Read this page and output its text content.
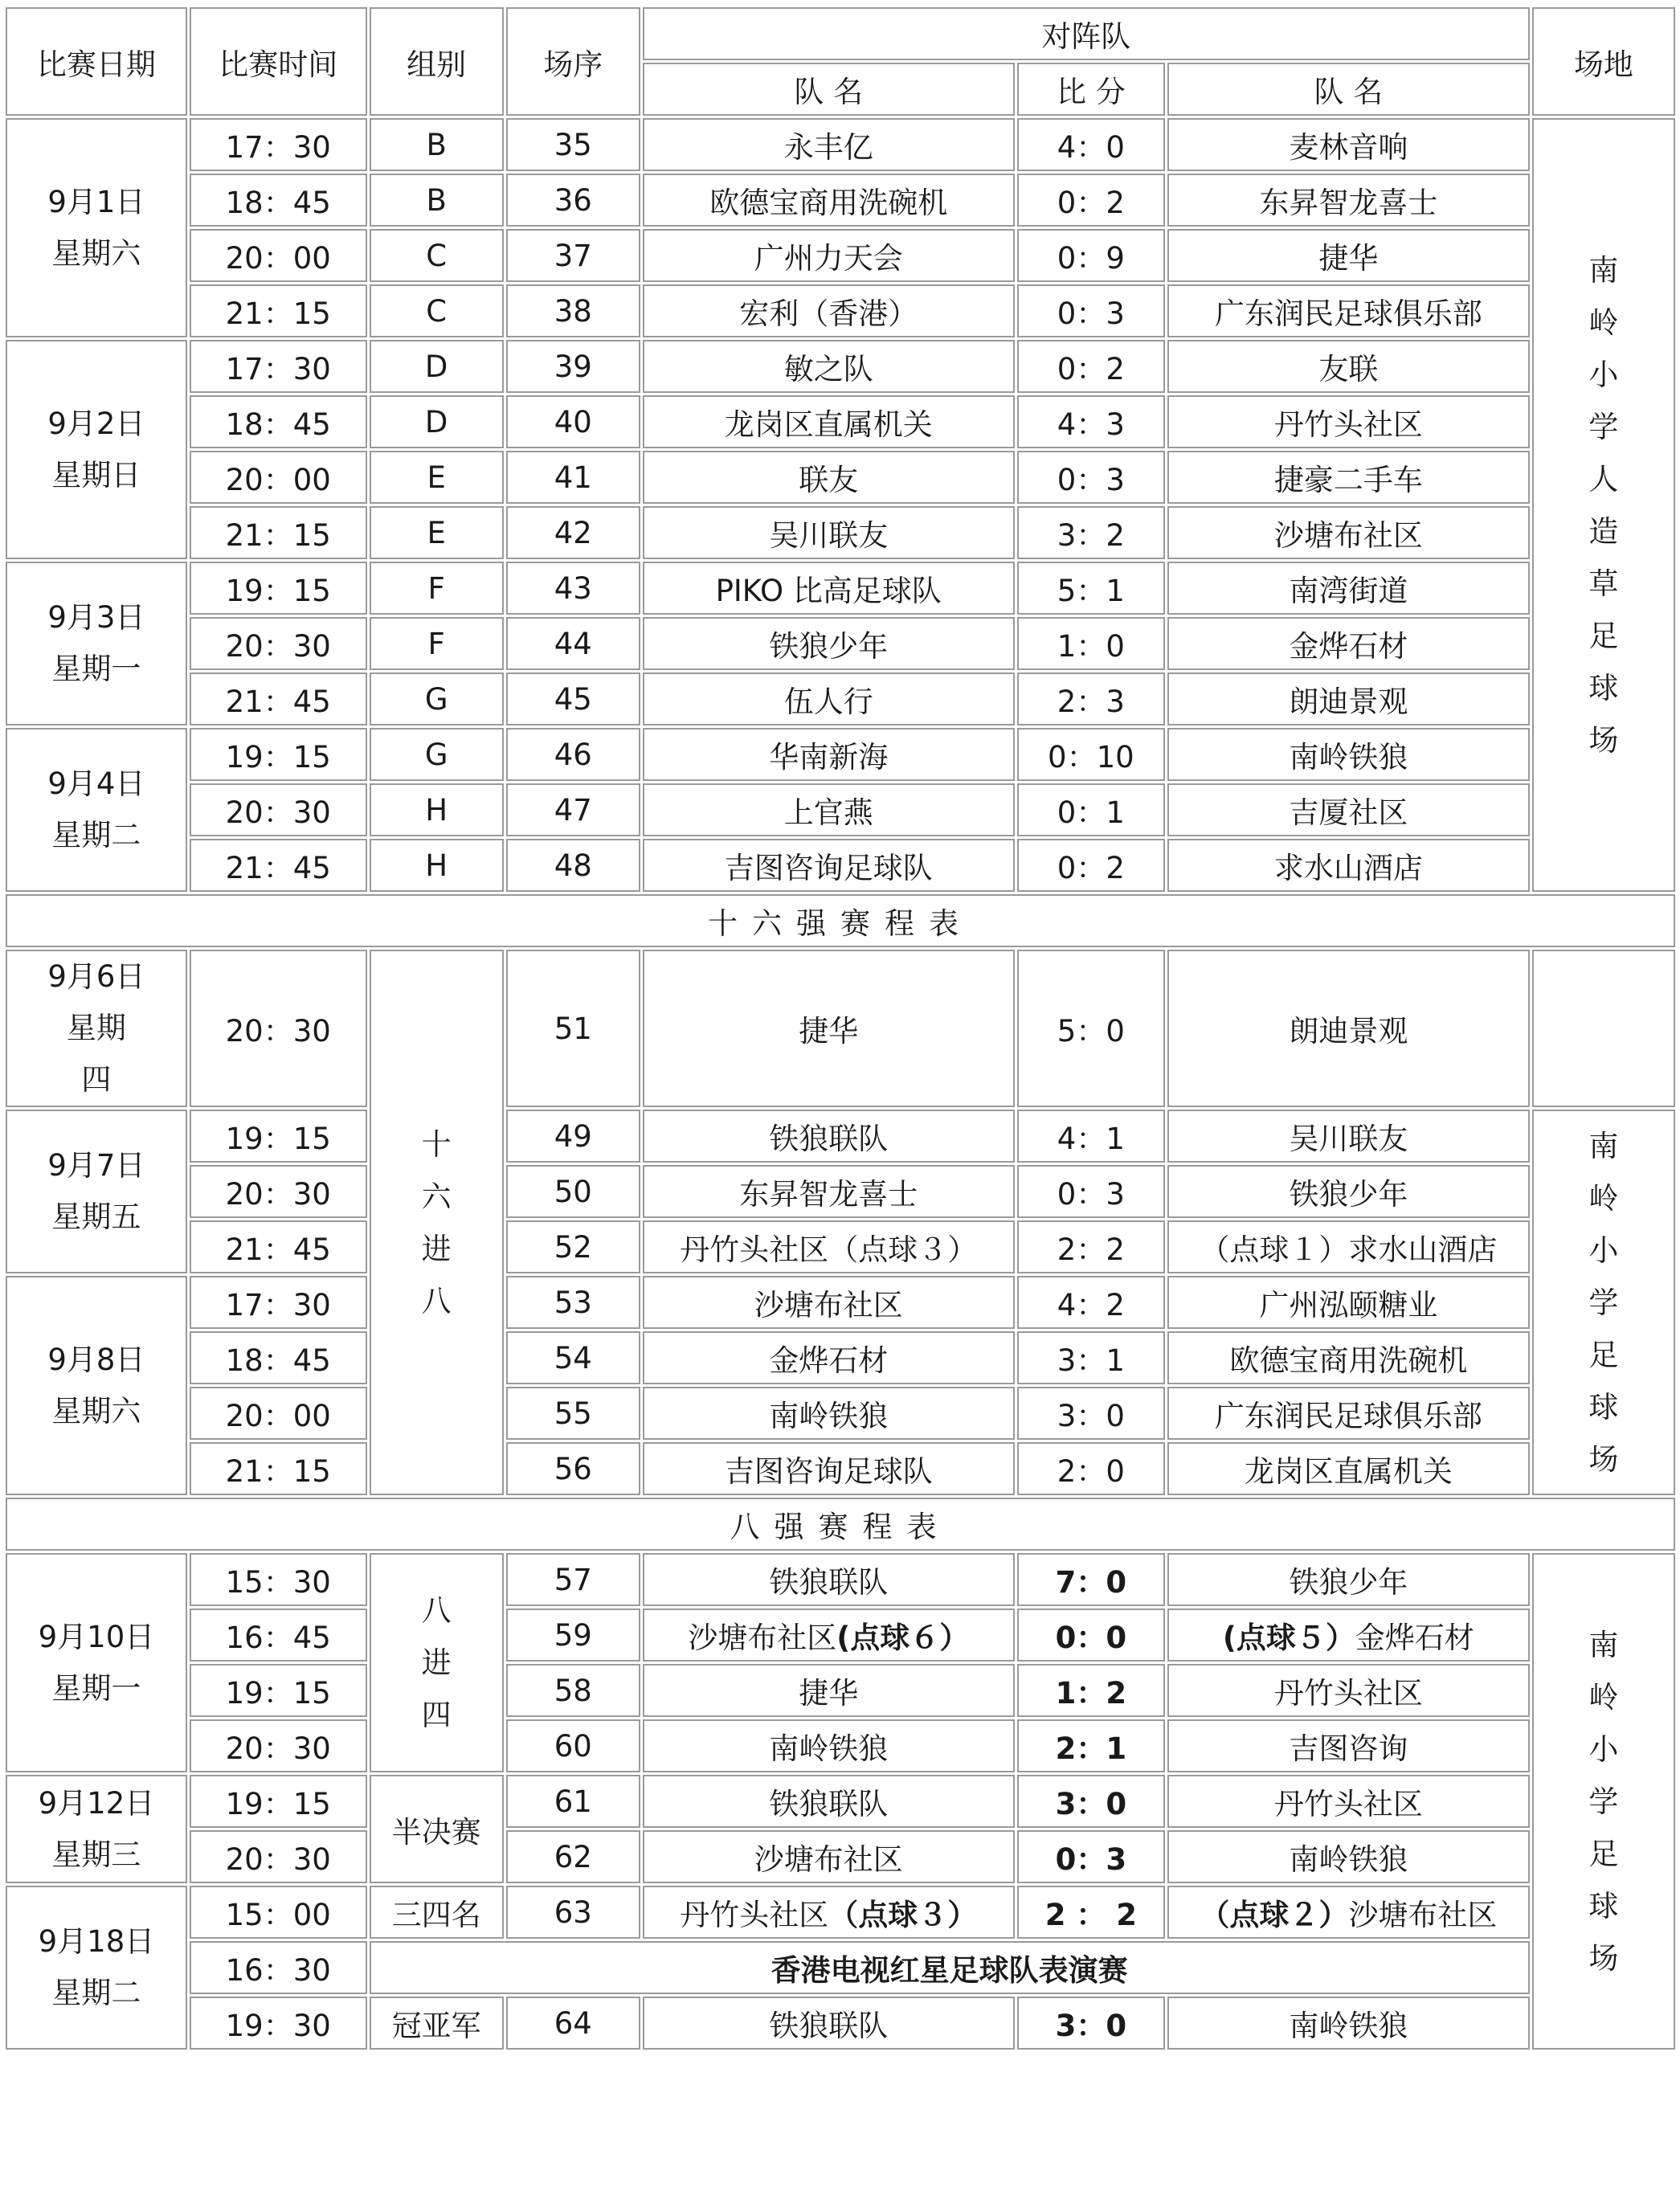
比赛日期	比赛时间	组别	场序	对阵队			场地
				队 名	比 分	队 名	

9月1日
星期六	17：30	B	35	永丰亿	4：0	麦林音响	南岭小学人造草足球场
	18：45	B	36	欧德宝商用洗碗机	0：2	东昇智龙喜士	
	20：00	C	37	广州力天会	0：9	捷华	
	21：15	C	38	宏利（香港）	0：3	广东润民足球俱乐部	

9月2日
星期日	17：30	D	39	敏之队	0：2	友联	
	18：45	D	40	龙岗区直属机关	4：3	丹竹头社区	
	20：00	E	41	联友	0：3	捷豪二手车	
	21：15	E	42	吴川联友	3：2	沙塘布社区	

9月3日
星期一	19：15	F	43	PIKO 比高足球队	5：1	南湾街道	
	20：30	F	44	铁狼少年	1：0	金烨石材	
	21：45	G	45	伍人行	2：3	朗迪景观	

9月4日
星期二	19：15	G	46	华南新海	0：10	南岭铁狼	
	20：30	H	47	上官燕	0：1	吉厦社区	
	21：45	H	48	吉图咨询足球队	0：2	求水山酒店	
十六强赛程表							

9月6日
星期
四	20：30	十六进八	51	捷华	5：0	朗迪景观	

9月7日
星期五	19：15		49	铁狼联队	4：1	吴川联友	南岭小学足球场
	20：30		50	东昇智龙喜士	0：3	铁狼少年	
	21：45		52	丹竹头社区（点球３）	2：2	（点球１）求水山酒店	

9月8日
星期六	17：30		53	沙塘布社区	4：2	广州泓颐糖业	
	18：45		54	金烨石材	3：1	欧德宝商用洗碗机	
	20：00		55	南岭铁狼	3：0	广东润民足球俱乐部	
	21：15		56	吉图咨询足球队	2：0	龙岗区直属机关	
八强赛程表							

9月10日
星期一	15：30	八进四	57	铁狼联队	7：0	铁狼少年	南岭小学足球场
	16：45		59	沙塘布社区(点球６）	0：0	(点球５）金烨石材	
	19：15		58	捷华	1：2	丹竹头社区	
	20：30		60	南岭铁狼	2：1	吉图咨询	

9月12日
星期三	19：15	半决赛	61	铁狼联队	3：0	丹竹头社区	
	20：30		62	沙塘布社区	0：3	南岭铁狼	

9月18日
星期二	15：00	三四名	63	丹竹头社区（点球３）	2 ： 2	（点球２）沙塘布社区	
	16：30	香港电视红星足球队表演赛					
	19：30	冠亚军	64	铁狼联队	3：0	南岭铁狼	
